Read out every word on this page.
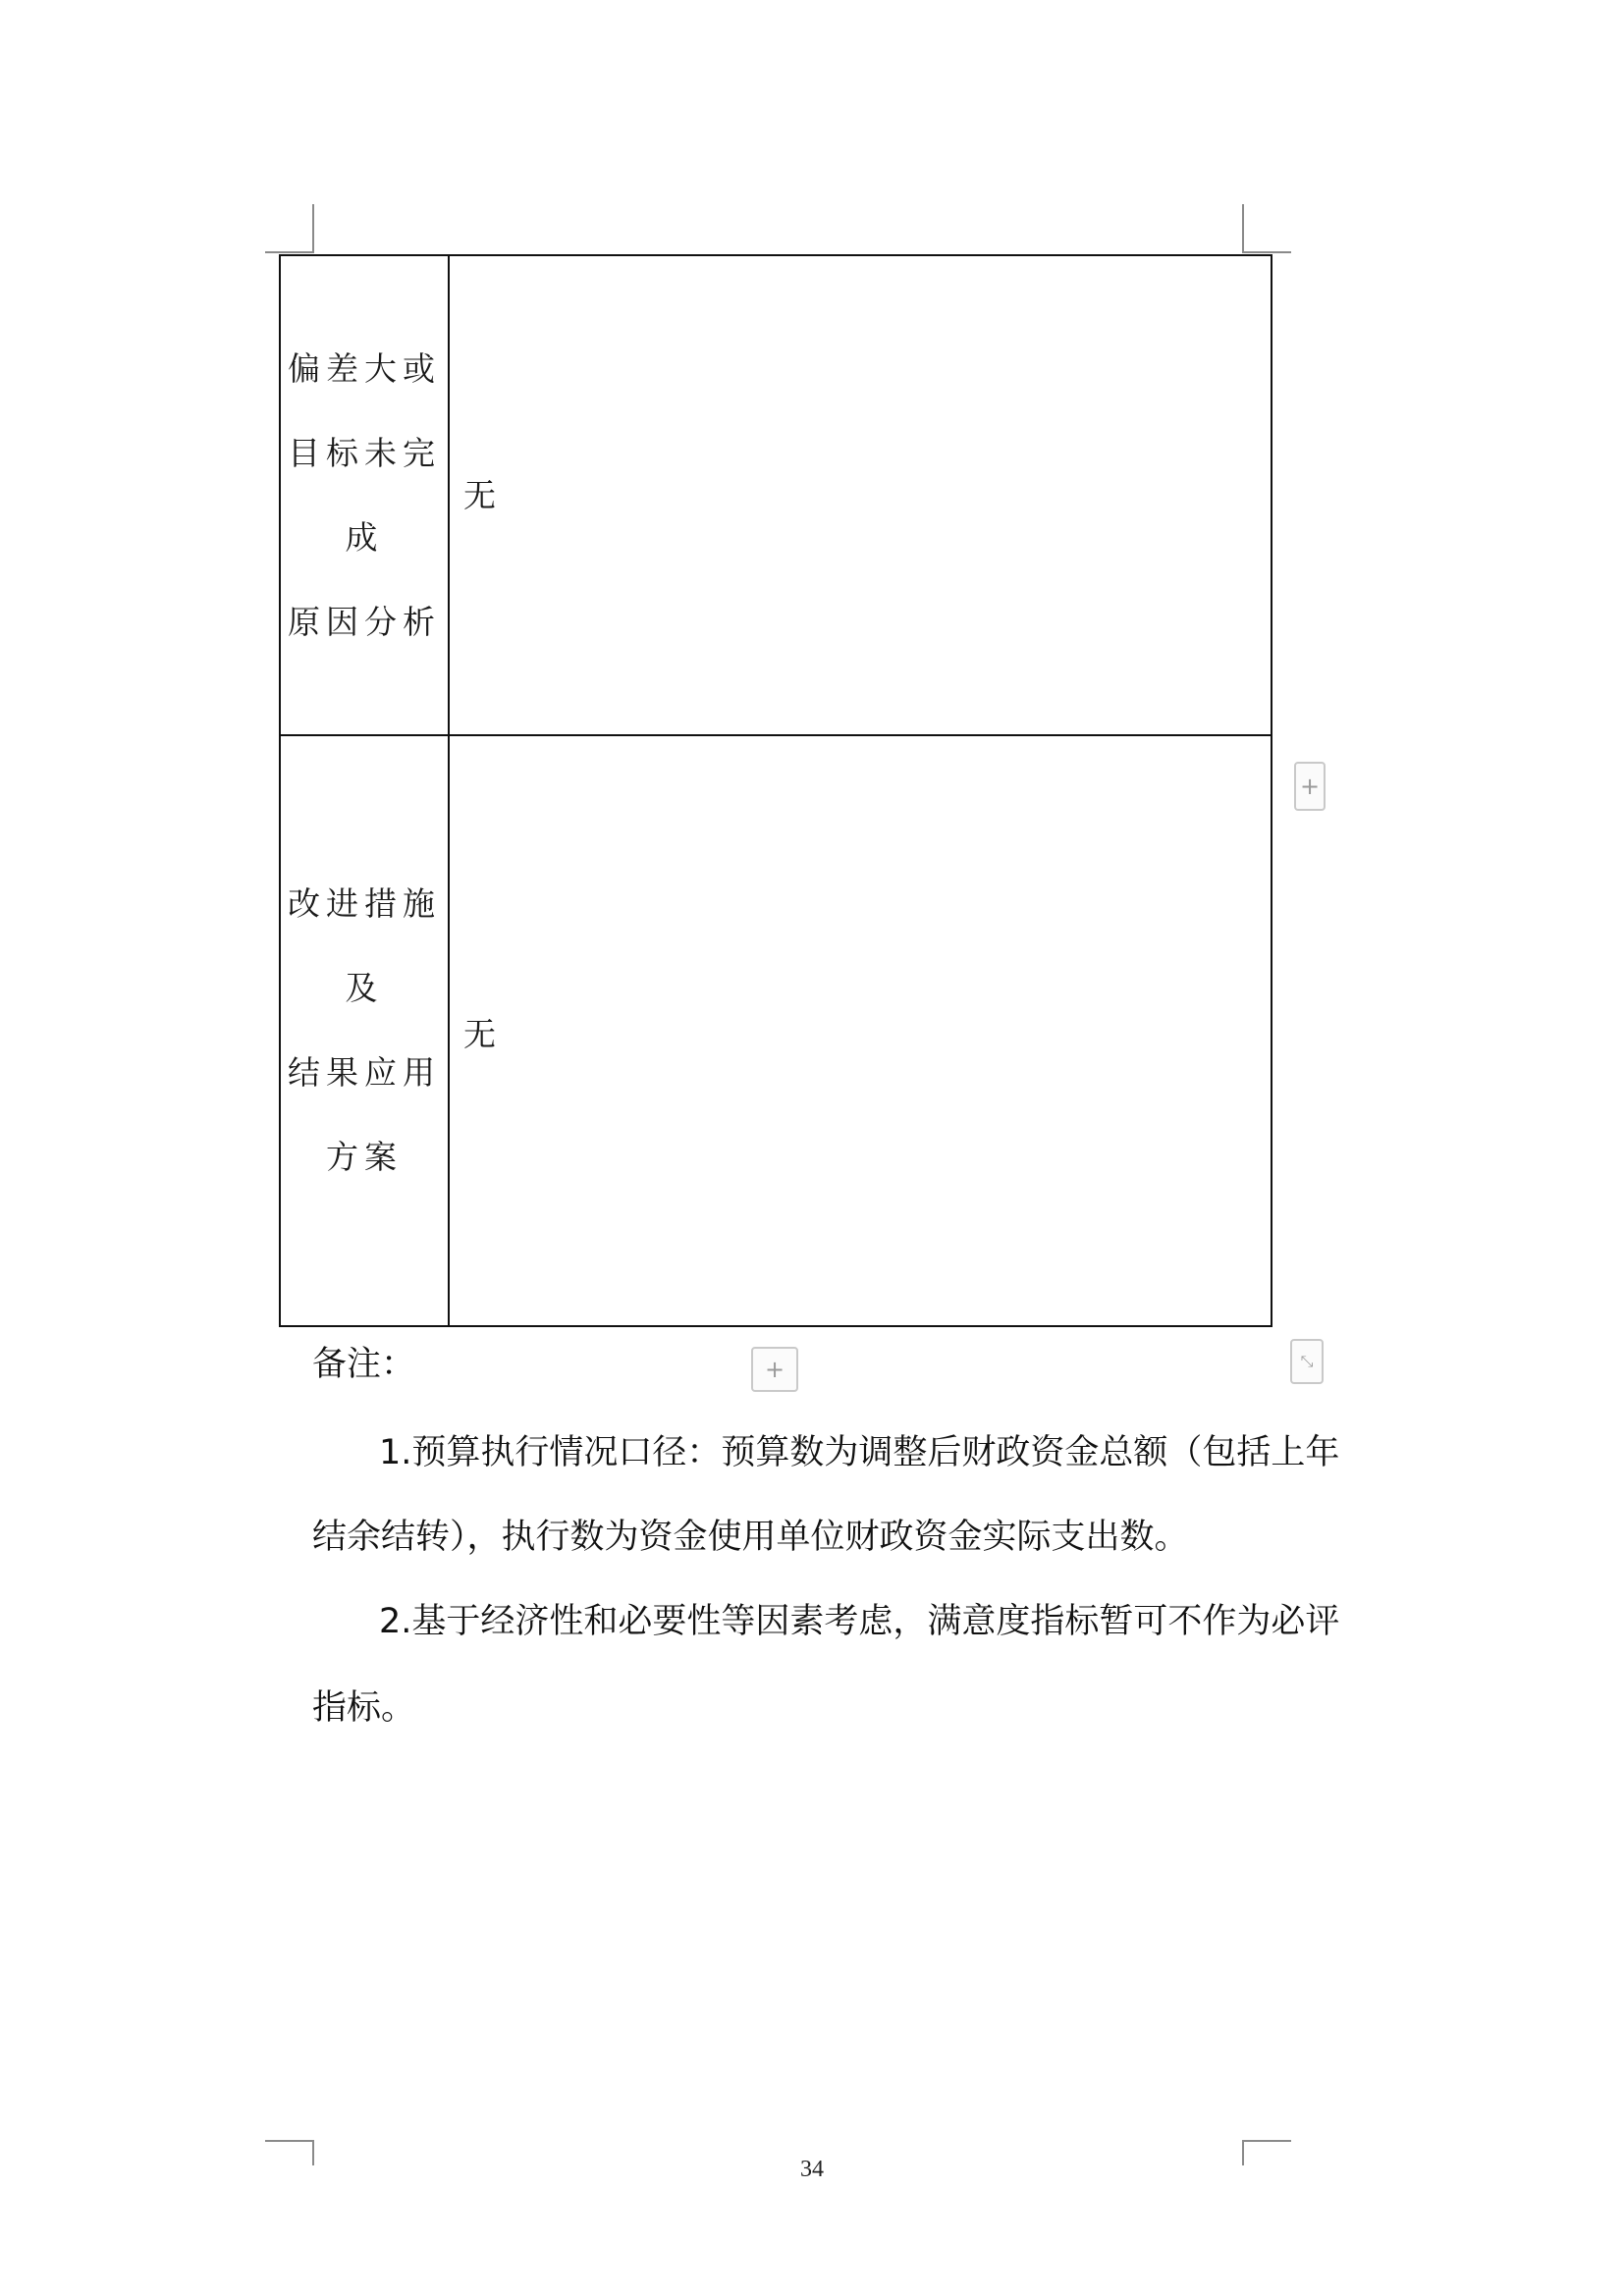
偏差大或
目标未完
成
原因分析
无
改进措施
及
结果应用
方案
无
+
+	⤡
备注：
1.预算执行情况口径：预算数为调整后财政资金总额（包括上年
结余结转），执行数为资金使用单位财政资金实际支出数。
2.基于经济性和必要性等因素考虑，满意度指标暂可不作为必评
指标。
34
